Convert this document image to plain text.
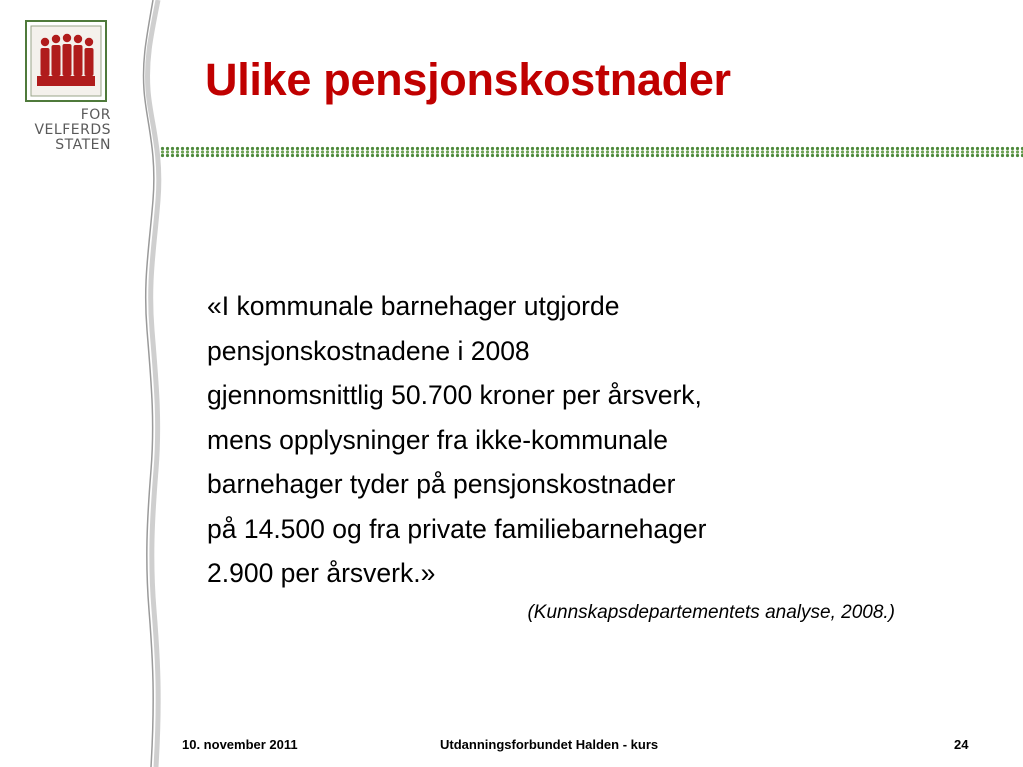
FOR
VELFERDS
STATEN
Ulike pensjonskostnader

«I kommunale barnehager utgjorde
pensjonskostnadene i 2008
gjennomsnittlig 50.700 kroner per årsverk,
mens opplysninger fra ikke-kommunale
barnehager tyder på pensjonskostnader
på 14.500 og fra private familiebarnehager
2.900 per årsverk.»

(Kunnskapsdepartementets analyse, 2008.)
10. november 2011	Utdanningsforbundet Halden - kurs	24
